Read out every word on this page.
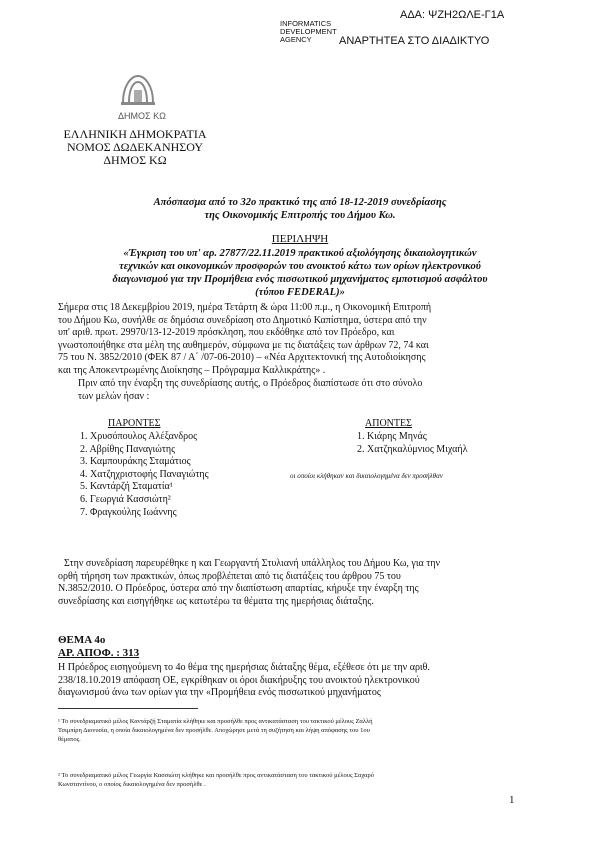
ΑΔΑ: ΨΖΗ2ΩΛΕ-Γ1Α
INFORMATICS
DEVELOPMENT
AGENCY	ΑΝΑΡΤΗΤΕΑ ΣΤΟ ΔΙΑΔΙΚΤΥΟ
ΔΗΜΟΣ ΚΩ
ΕΛΛΗΝΙΚΗ ΔΗΜΟΚΡΑΤΙΑ
ΝΟΜΟΣ ΔΩΔΕΚΑΝΗΣΟΥ
ΔΗΜΟΣ ΚΩ
Απόσπασμα από το 32ο πρακτικό της από 18-12-2019 συνεδρίασης
της Οικονομικής Επιτροπής του Δήμου Κω.
ΠΕΡΙΛΗΨΗ
«Έγκριση του υπ' αρ. 27877/22.11.2019 πρακτικού αξιολόγησης δικαιολογητικών
τεχνικών και οικονομικών προσφορών του ανοικτού κάτω των ορίων ηλεκτρονικού
διαγωνισμού για την Προμήθεια ενός πισσωτικού μηχανήματος εμποτισμού ασφάλτου
(τύπου FEDERAL)»
Σήμερα στις 18 Δεκεμβρίου 2019, ημέρα Τετάρτη & ώρα 11:00 π.μ., η Οικονομική Επιτροπή
του Δήμου Κω, συνήλθε σε δημόσια συνεδρίαση στο Δημοτικό Καπίστημα, ύστερα από την
υπ' αριθ. πρωτ. 29970/13-12-2019 πρόσκληση, που εκδόθηκε από τον Πρόεδρο, και
γνωστοποιήθηκε στα μέλη της αυθημερόν, σύμφωνα με τις διατάξεις των άρθρων 72, 74 και
75 του Ν. 3852/2010 (ΦΕΚ 87 / Α΄ /07-06-2010) – «Νέα Αρχιτεκτονική της Αυτοδιοίκησης
και της Αποκεντρωμένης Διοίκησης – Πρόγραμμα Καλλικράτης» .
Πριν από την έναρξη της συνεδρίασης αυτής, ο Πρόεδρος διαπίστωσε ότι στο σύνολο
των μελών ήσαν :
ΠΑΡΟΝΤΕΣ	ΑΠΟΝΤΕΣ
1. Χρυσόπουλος Αλέξανδρος
2. Αβρίθης Παναγιώτης
3. Καμπουράκης Σταμάτιος
4. Χατζηχριστοφής Παναγιώτης
5. Καντάρζή Σταματία¹
6. Γεωργιά Κασσιώτη²
7. Φραγκούλης Ιωάννης
1. Κιάρης Μηνάς
2. Χατζηκαλύμνιος Μιχαήλ
οι οποίοι κλήθηκαν και δικαιολογημένα δεν προσήλθαν
Στην συνεδρίαση παρευρέθηκε η και Γεωργαντή Στυλιανή υπάλληλος του Δήμου Κω, για την
ορθή τήρηση των πρακτικών, όπως προβλέπεται από τις διατάξεις του άρθρου 75 του
Ν.3852/2010. Ο Πρόεδρος, ύστερα από την διαπίστωση απαρτίας, κήρυξε την έναρξη της
συνεδρίασης και εισηγήθηκε ως κατωτέρω τα θέματα της ημερήσιας διάταξης.
ΘΕΜΑ 4ο
ΑΡ. ΑΠΟΦ. : 313
Η Πρόεδρος εισηγούμενη το 4ο θέμα της ημερήσιας διάταξης θέμα, εξέθεσε ότι με την αριθ.
238/18.10.2019 απόφαση ΟΕ, εγκρίθηκαν οι όροι διακήρυξης του ανοικτού ηλεκτρονικού
διαγωνισμού άνω των ορίων για την «Προμήθεια ενός πισσωτικού μηχανήματος
¹ Το συνεδριαματικό μέλος Καντάρζή Σταματία κλήθηκε και προσήλθε προς αντικατάσταση του τακτικού μέλους Ζαλλή
Τσιμπίρη Διονυσία, η οποία δικαιολογημένα δεν προσήλθε. Αποχώρησε μετά τη συζήτηση και λήψη απόφασης του 1ου
θέματος.
² Το συνεδριαματικό μέλος Γεωργία Κασσιώτη κλήθηκε και προσήλθε προς αντικατάσταση του τακτικού μέλους Σαχαρό
Κωνσταντίνου, ο οποίος δικαιολογημένα δεν προσήλθε .
1
